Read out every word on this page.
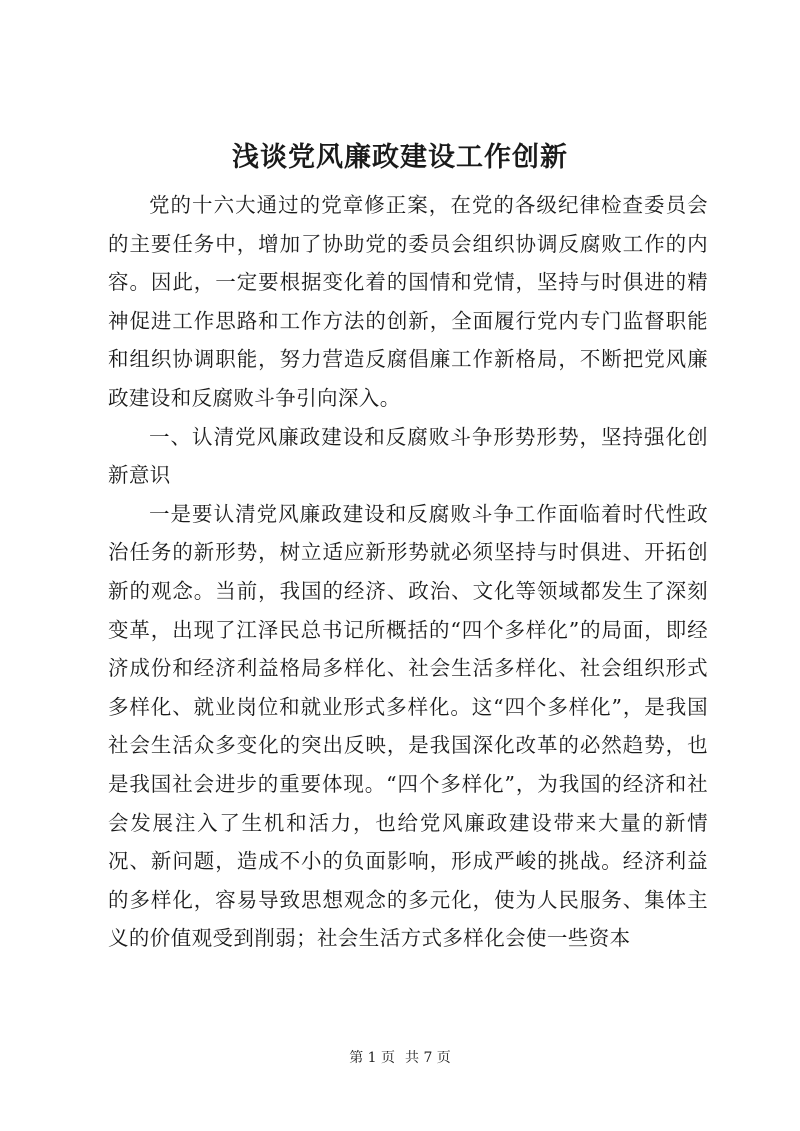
浅谈党风廉政建设工作创新

党的十六大通过的党章修正案，在党的各级纪律检查委员会的主要任务中，增加了协助党的委员会组织协调反腐败工作的内容。因此，一定要根据变化着的国情和党情，坚持与时俱进的精神促进工作思路和工作方法的创新，全面履行党内专门监督职能和组织协调职能，努力营造反腐倡廉工作新格局，不断把党风廉政建设和反腐败斗争引向深入。

一、认清党风廉政建设和反腐败斗争形势形势，坚持强化创新意识

一是要认清党风廉政建设和反腐败斗争工作面临着时代性政治任务的新形势，树立适应新形势就必须坚持与时俱进、开拓创新的观念。当前，我国的经济、政治、文化等领域都发生了深刻变革，出现了江泽民总书记所概括的“四个多样化”的局面，即经济成份和经济利益格局多样化、社会生活多样化、社会组织形式多样化、就业岗位和就业形式多样化。这“四个多样化”，是我国社会生活众多变化的突出反映，是我国深化改革的必然趋势，也是我国社会进步的重要体现。“四个多样化”，为我国的经济和社会发展注入了生机和活力，也给党风廉政建设带来大量的新情况、新问题，造成不小的负面影响，形成严峻的挑战。经济利益的多样化，容易导致思想观念的多元化，使为人民服务、集体主义的价值观受到削弱；社会生活方式多样化会使一些资本

第 1 页 共 7 页
